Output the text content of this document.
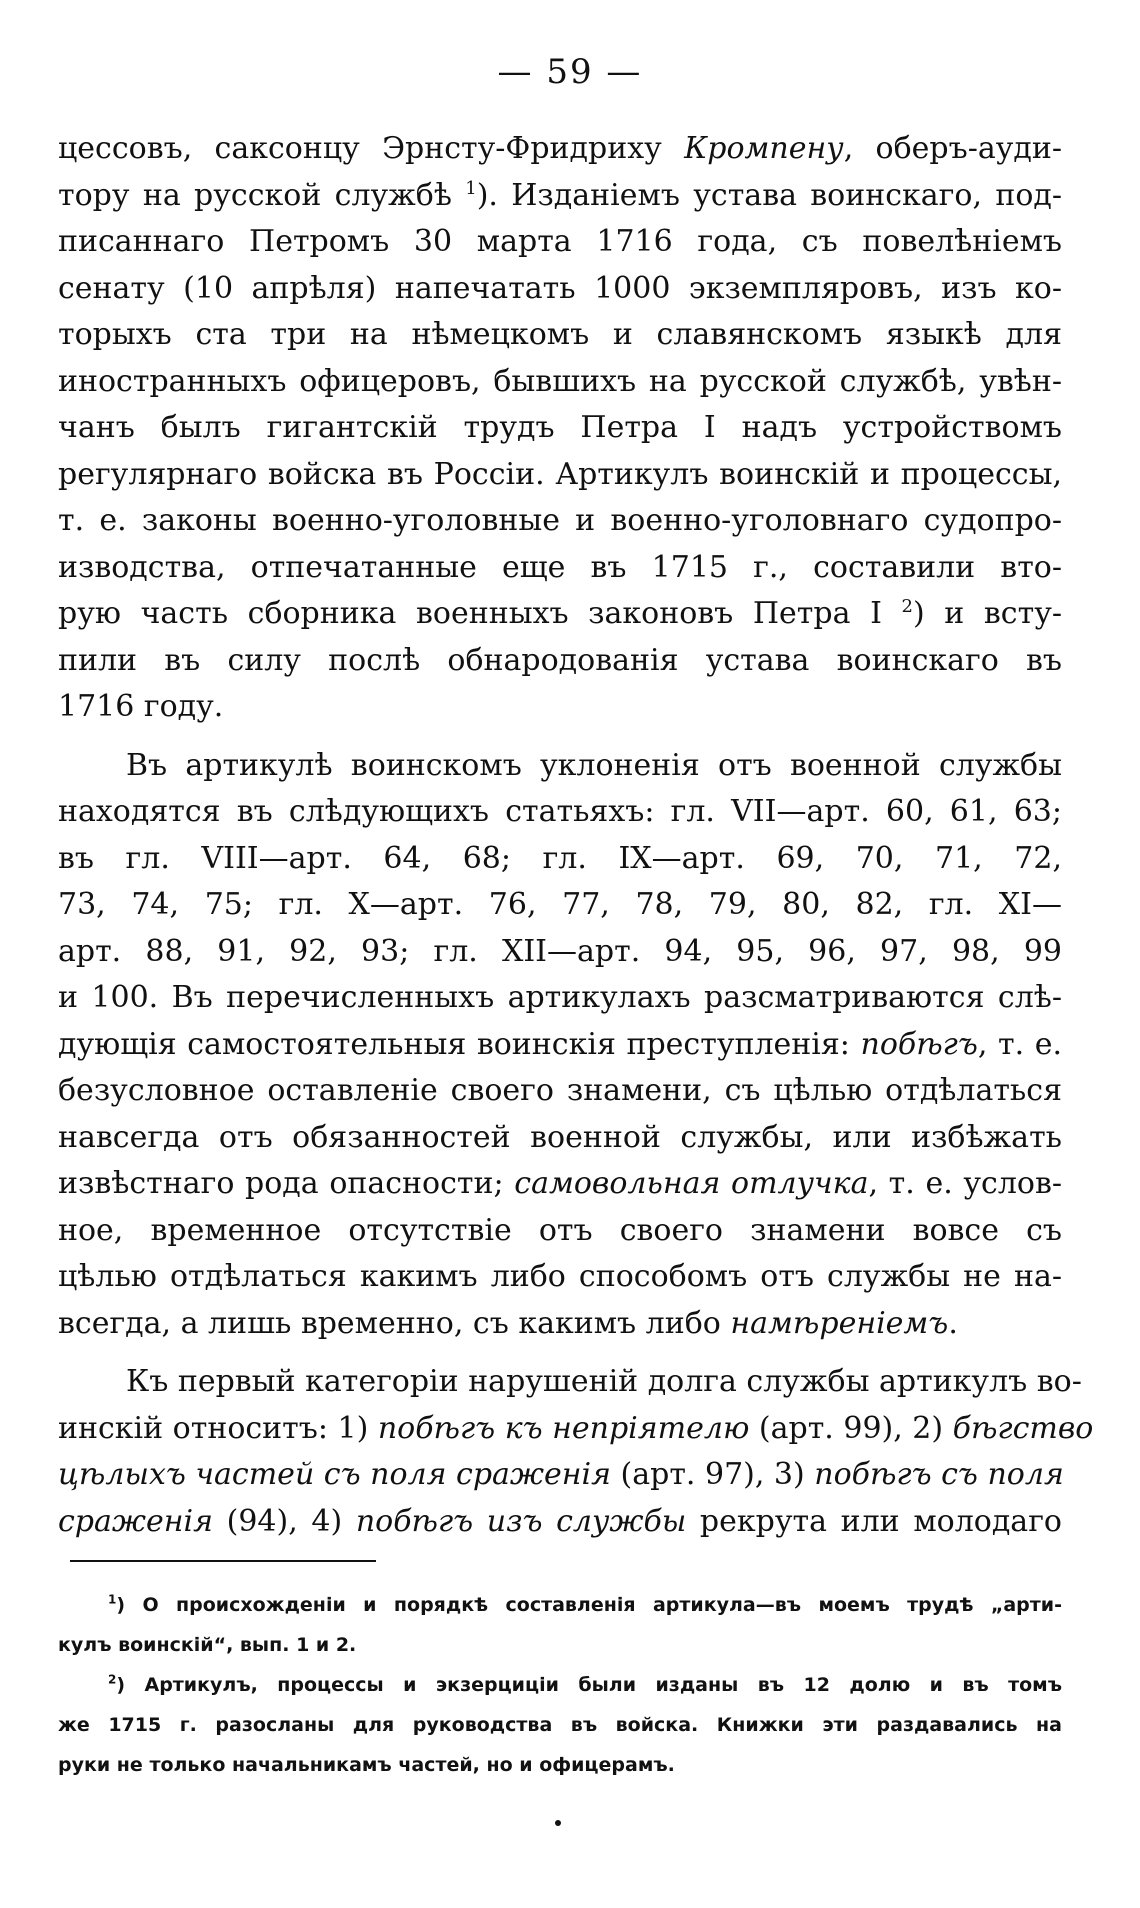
— 59 —
цессовъ, саксонцу Эрнсту-Фридриху Кромпену, оберъ-ауди-
тору на русской службѣ $^1$). Изданіемъ устава воинскаго, под-
писаннаго Петромъ 30 марта 1716 года, съ повелѣніемъ
сенату (10 апрѣля) напечатать 1000 экземпляровъ, изъ ко-
торыхъ ста три на нѣмецкомъ и славянскомъ языкѣ для
иностранныхъ офицеровъ, бывшихъ на русской службѣ, увѣн-
чанъ былъ гигантскій трудъ Петра I надъ устройствомъ
регулярнаго войска въ Россіи. Артикулъ воинскій и процессы,
т. е. законы военно-уголовные и военно-уголовнаго судопро-
изводства, отпечатанные еще въ 1715 г., составили вто-
рую часть сборника военныхъ законовъ Петра I $^2$) и всту-
пили въ силу послѣ обнародованія устава воинскаго въ
1716 году.
Въ артикулѣ воинскомъ уклоненія отъ военной службы
находятся въ слѣдующихъ статьяхъ: гл. VII—арт. 60, 61, 63;
въ гл. VIII—арт. 64, 68; гл. IX—арт. 69, 70, 71, 72,
73, 74, 75; гл. X—арт. 76, 77, 78, 79, 80, 82, гл. XI—
арт. 88, 91, 92, 93; гл. XII—арт. 94, 95, 96, 97, 98, 99
и 100. Въ перечисленныхъ артикулахъ разсматриваются слѣ-
дующія самостоятельныя воинскія преступленія: побѣгъ, т. е.
безусловное оставленіе своего знамени, съ цѣлью отдѣлаться
навсегда отъ обязанностей военной службы, или избѣжать
извѣстнаго рода опасности; самовольная отлучка, т. е. услов-
ное, временное отсутствіе отъ своего знамени вовсе съ
цѣлью отдѣлаться какимъ либо способомъ отъ службы не на-
всегда, а лишь временно, съ какимъ либо намѣреніемъ.
Къ первый категоріи нарушеній долга службы артикулъ во-
инскій относитъ: 1) побѣгъ къ непріятелю (арт. 99), 2) бѣгство
цѣлыхъ частей съ поля сраженія (арт. 97), 3) побѣгъ съ поля
сраженія (94), 4) побѣгъ изъ службы рекрута или молодаго
$^1$) О происхожденіи и порядкѣ составленія артикула—въ моемъ трудѣ „арти-
кулъ воинскій“, вып. 1 и 2.
$^2$) Артикулъ, процессы и экзерциціи были изданы въ 12 долю и въ томъ
же 1715 г. разосланы для руководства въ войска. Книжки эти раздавались на
руки не только начальникамъ частей, но и офицерамъ.
